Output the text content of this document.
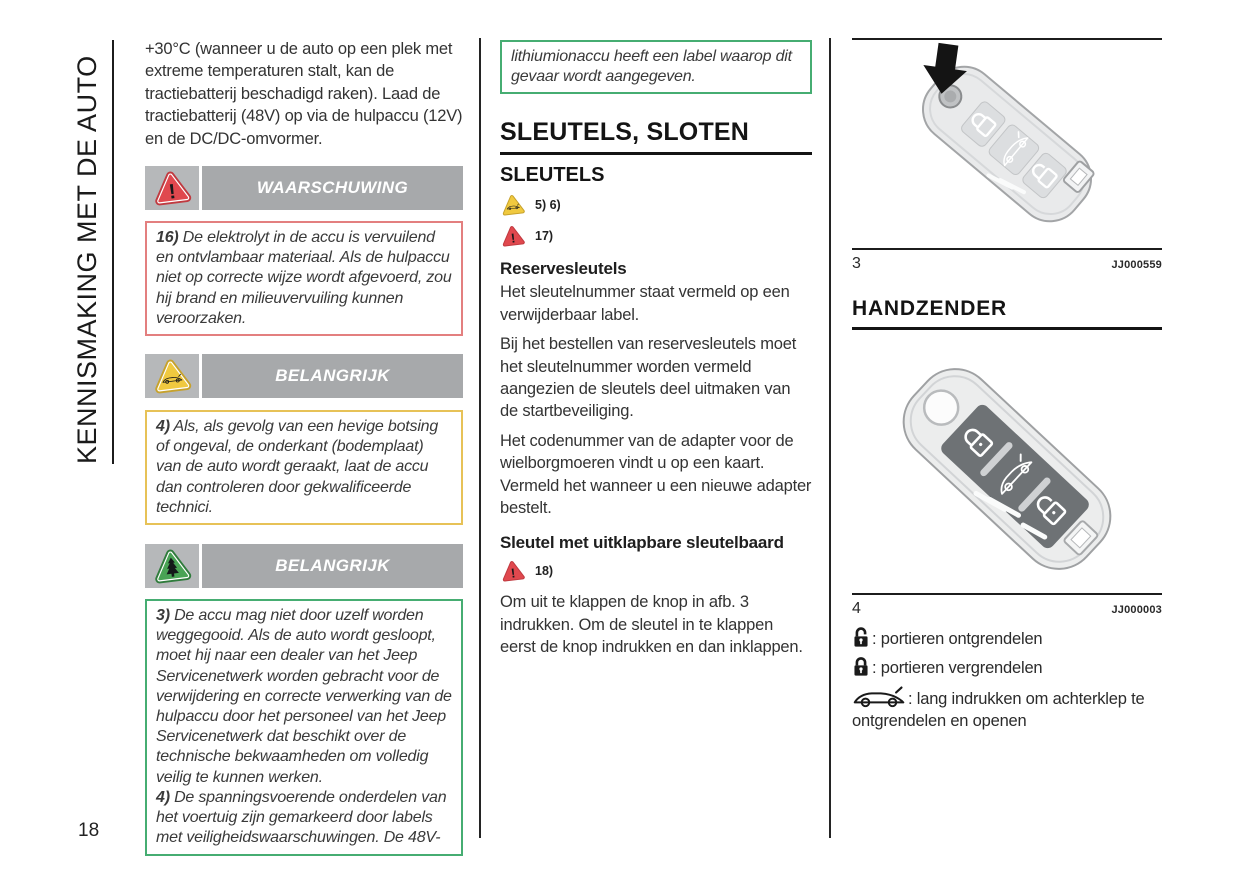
KENNISMAKING MET DE AUTO
18

+30°C (wanneer u de auto op een plek met extreme temperaturen stalt, kan de tractiebatterij beschadigd raken). Laad de tractiebatterij (48V) op via de hulpaccu (12V) en de DC/DC-omvormer.

!	WAARSCHUWING

16) De elektrolyt in de accu is vervuilend en ontvlambaar materiaal. Als de hulpaccu niet op correcte wijze wordt afgevoerd, zou hij brand en milieuvervuiling kunnen veroorzaken.

BELANGRIJK

4) Als, als gevolg van een hevige botsing of ongeval, de onderkant (bodemplaat) van de auto wordt geraakt, laat de accu dan controleren door gekwalificeerde technici.

BELANGRIJK

3) De accu mag niet door uzelf worden weggegooid. Als de auto wordt gesloopt, moet hij naar een dealer van het Jeep Servicenetwerk worden gebracht voor de verwijdering en correcte verwerking van de hulpaccu door het personeel van het Jeep Servicenetwerk dat beschikt over de technische bekwaamheden om volledig veilig te kunnen werken.

4) De spanningsvoerende onderdelen van het voertuig zijn gemarkeerd door labels met veiligheidswaarschuwingen. De 48V-

lithiumionaccu heeft een label waarop dit gevaar wordt aangegeven.

SLEUTELS, SLOTEN
SLEUTELS
5) 6)
! 17)
Reservesleutels

Het sleutelnummer staat vermeld op een verwijderbaar label.

Bij het bestellen van reservesleutels moet het sleutelnummer worden vermeld aangezien de sleutels deel uitmaken van de startbeveiliging.

Het codenummer van de adapter voor de wielborgmoeren vindt u op een kaart. Vermeld het wanneer u een nieuwe adapter bestelt.

Sleutel met uitklapbare sleutelbaard
! 18)

Om uit te klappen de knop in afb. 3 indrukken. Om de sleutel in te klappen eerst de knop indrukken en dan inklappen.

3	JJ000559
HANDZENDER
4	JJ000003
: portieren ontgrendelen
: portieren vergrendelen
: lang indrukken om achterklep te ontgrendelen en openen
